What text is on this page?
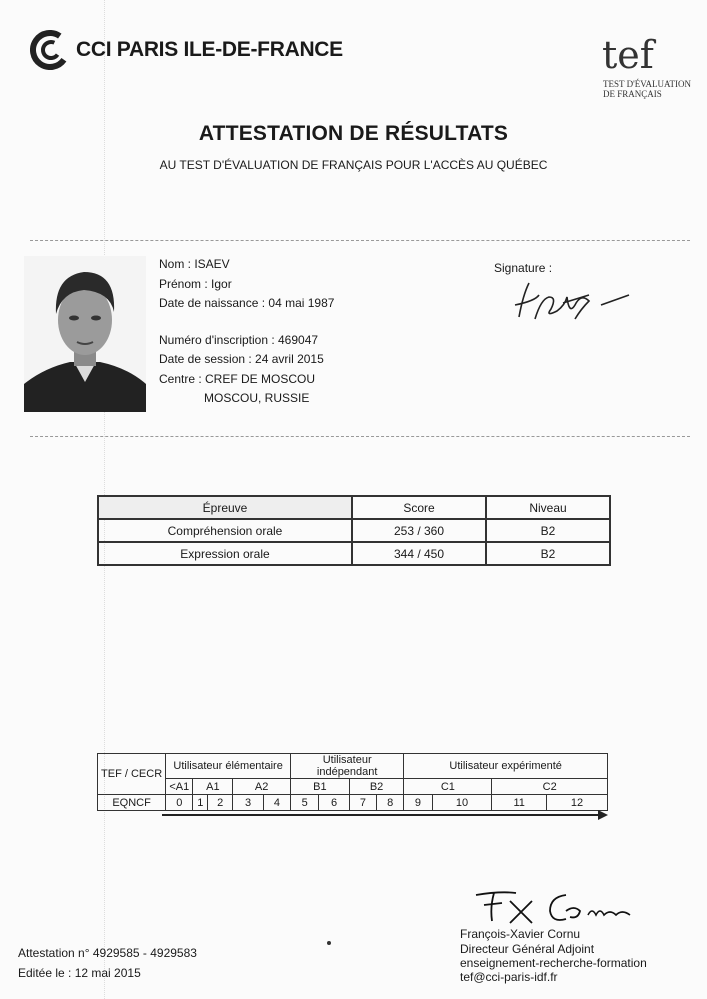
CCI PARIS ILE-DE-FRANCE	tef
TEST D'ÉVALUATION
DE FRANÇAIS
ATTESTATION DE RÉSULTATS
AU TEST D'ÉVALUATION DE FRANÇAIS POUR L'ACCÈS AU QUÉBEC
Nom : ISAEV
Prénom : Igor
Date de naissance : 04 mai 1987
Numéro d'inscription : 469047
Date de session : 24 avril 2015
Centre : CREF DE MOSCOU
MOSCOU, RUSSIE
Signature :
Épreuve	Score	Niveau
Compréhension orale	253 / 360	B2
Expression orale	344 / 450	B2
TEF / CECR	Utilisateur élémentaire					Utilisateur indépendant				Utilisateur expérimenté			
	<A1	A1		A2		B1		B2		C1		C2	
EQNCF	0	1	2	3	4	5	6	7	8	9	10	11	12
François-Xavier Cornu
Directeur Général Adjoint
enseignement-recherche-formation
tef@cci-paris-idf.fr
Attestation n° 4929585 - 4929583
Editée le : 12 mai 2015
